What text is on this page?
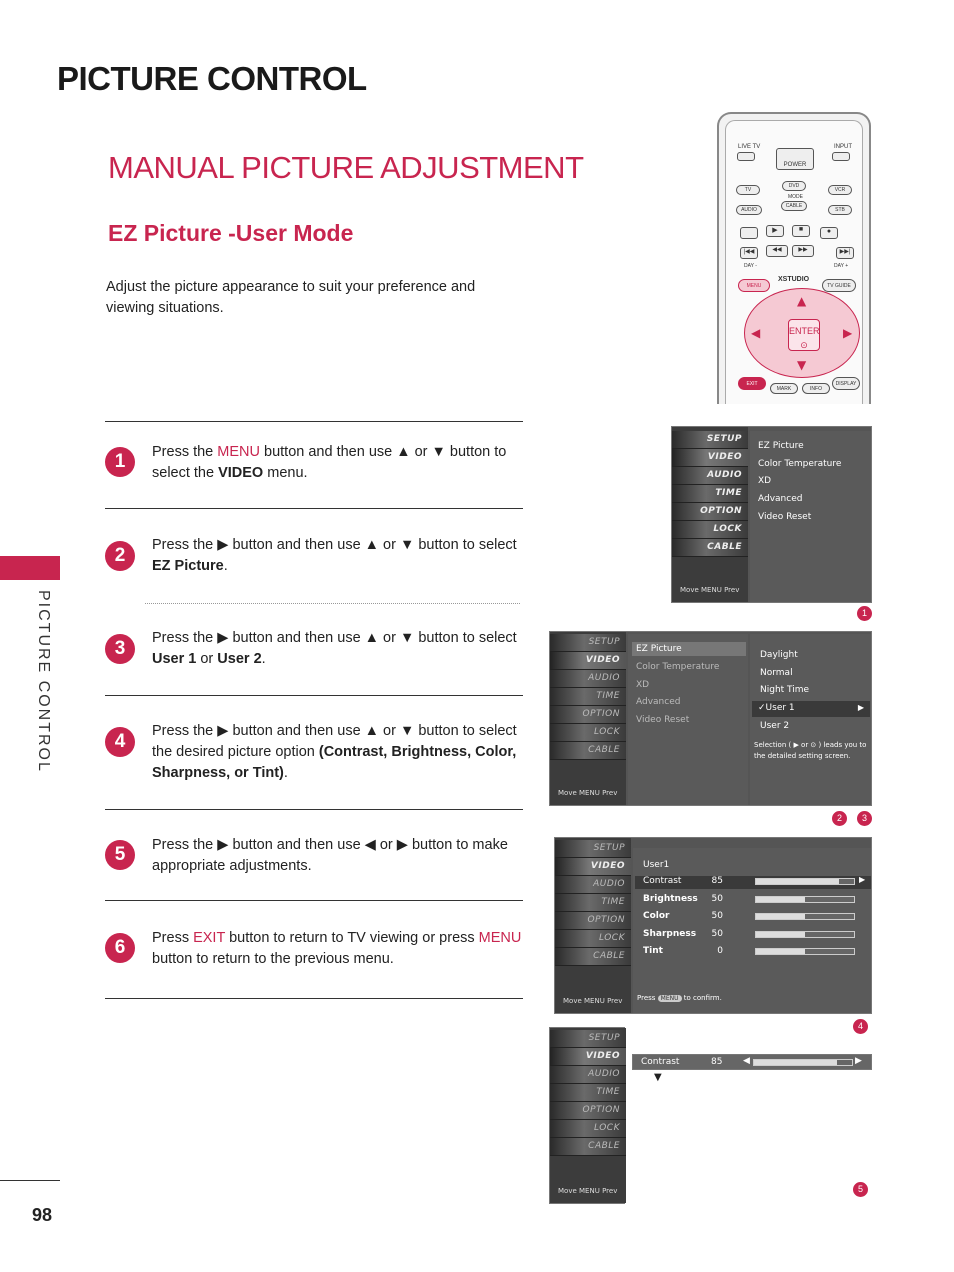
PICTURE CONTROL
MANUAL PICTURE ADJUSTMENT
EZ Picture -User Mode
Adjust the picture appearance to suit your preference and viewing situations.
PICTURE CONTROL
98
1	Press the MENU button and then use ▲ or ▼ button to select the VIDEO menu.
2	Press the ▶ button and then use ▲ or ▼ button to select EZ Picture.
3	Press the ▶ button and then use ▲ or ▼ button to select User 1 or User 2.
4	Press the ▶ button and then use ▲ or ▼ button to select the desired picture option (Contrast, Brightness, Color, Sharpness, or Tint).
5	Press the ▶ button and then use ◀ or ▶ button to make appropriate adjustments.
6	Press EXIT button to return to TV viewing or press MENU button to return to the previous menu.
LIVE TV	INPUT
POWER
TV
DVD
VCR
MODE
AUDIO
CABLE
STB
▶	■	●
|◀◀	◀◀	▶▶	▶▶|
DAY -	DAY +
MENU
XSTUDIO
TV GUIDE
▲
▼
◀	▶
ENTER
⊙
EXIT
MARK	INFO
DISPLAY
SETUP
VIDEO
AUDIO
TIME
OPTION
LOCK
CABLE
Move MENU Prev
EZ Picture
Color Temperature
XD
Advanced
Video Reset
1
SETUP
VIDEO
AUDIO
TIME
OPTION
LOCK
CABLE
Move MENU Prev
EZ Picture
Color Temperature
XD
Advanced
Video Reset
Daylight
Normal
Night Time
✓User 1	▶
User 2
Selection ( ▶ or ⊙ ) leads you to the detailed setting screen.
2	3
SETUP
VIDEO
AUDIO
TIME
OPTION
LOCK
CABLE
Move MENU Prev
User1
Contrast	85	▶
Brightness	50
Color	50
Sharpness	50
Tint	0
Press MENU to confirm.
4
SETUP
VIDEO
AUDIO
TIME
OPTION
LOCK
CABLE
Move MENU Prev
Contrast	85 ◀	▶
▼
5
